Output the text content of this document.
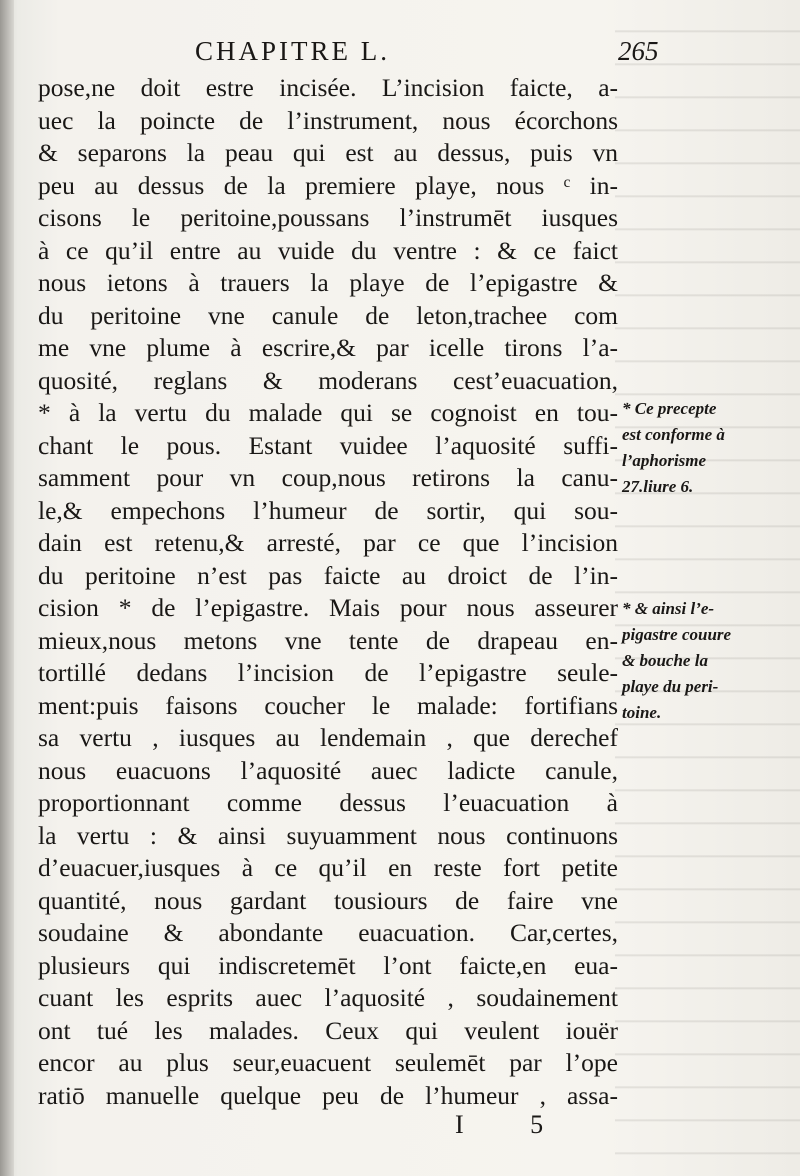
CHAPITRE L.	265
pose,ne doit estre incisée. L’incision faicte, a-
uec la poincte de l’instrument, nous écorchons
& separons la peau qui est au dessus, puis vn
peu au dessus de la premiere playe, nous ᶜ in-
cisons le peritoine,poussans l’instrumēt iusques
à ce qu’il entre au vuide du ventre : & ce faict
nous ietons à trauers la playe de l’epigastre &
du peritoine vne canule de leton,trachee com
me vne plume à escrire,& par icelle tirons l’a-
quosité, reglans & moderans cest’euacuation,
* à la vertu du malade qui se cognoist en tou-
chant le pous. Estant vuidee l’aquosité suffi-
samment pour vn coup,nous retirons la canu-
le,& empechons l’humeur de sortir, qui sou-
dain est retenu,& arresté, par ce que l’incision
du peritoine n’est pas faicte au droict de l’in-
cision * de l’epigastre. Mais pour nous asseurer
mieux,nous metons vne tente de drapeau en-
tortillé dedans l’incision de l’epigastre seule-
ment:puis faisons coucher le malade: fortifians
sa vertu , iusques au lendemain , que derechef
nous euacuons l’aquosité auec ladicte canule,
proportionnant comme dessus l’euacuation à
la vertu : & ainsi suyuamment nous continuons
d’euacuer,iusques à ce qu’il en reste fort petite
quantité, nous gardant tousiours de faire vne
soudaine & abondante euacuation. Car,certes,
plusieurs qui indiscretemēt l’ont faicte,en eua-
cuant les esprits auec l’aquosité , soudainement
ont tué les malades. Ceux qui veulent iouër
encor au plus seur,euacuent seulemēt par l’ope
ratiō manuelle quelque peu de l’humeur , assa-
* Ce precepte
est conforme à
l’aphorisme
27.liure 6.
* & ainsi l’e-
pigastre couure
& bouche la
playe du peri-
toine.
I 5
